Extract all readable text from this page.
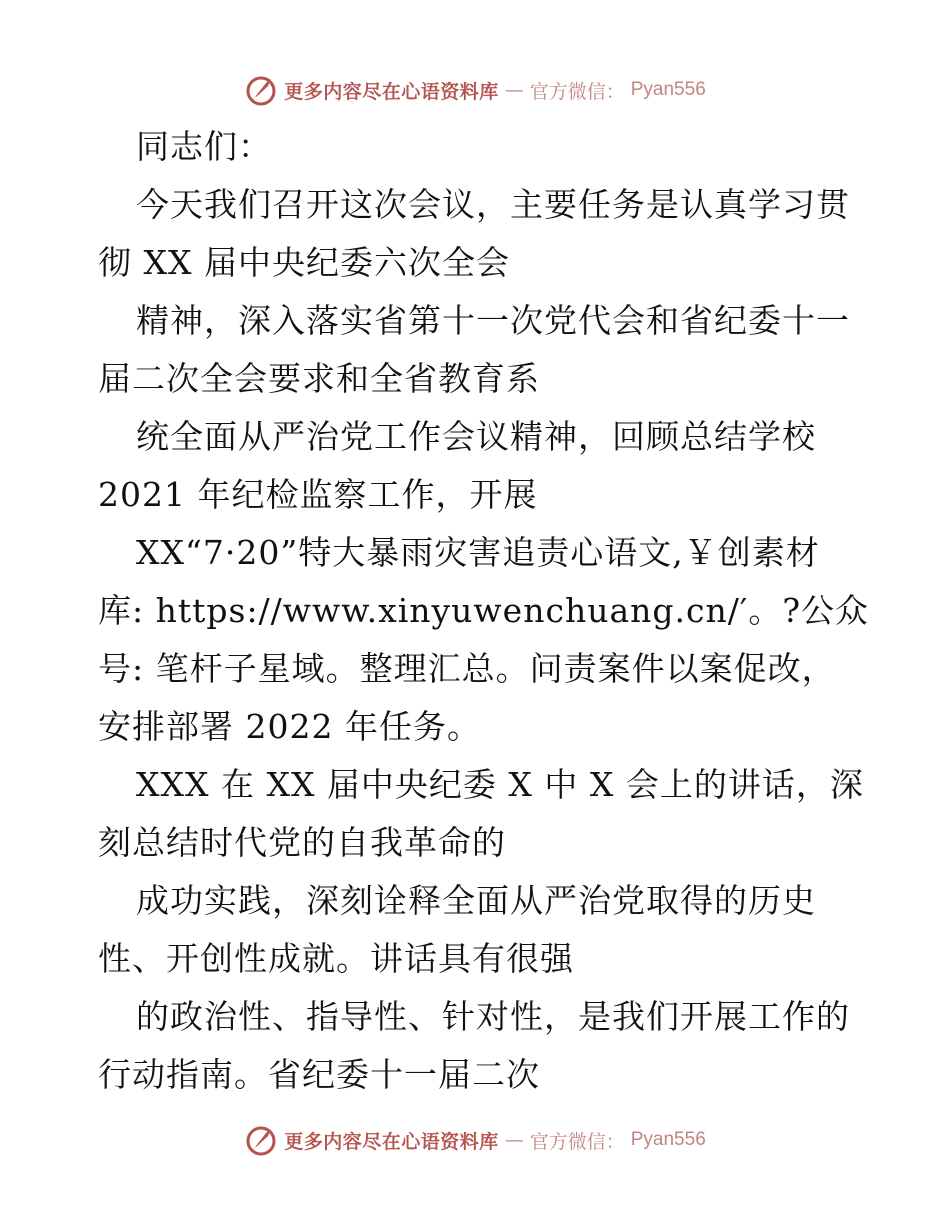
更多内容尽在心语资料库 — 官方微信： Pyan556
同志们：
今天我们召开这次会议，主要任务是认真学习贯
彻 XX 届中央纪委六次全会
精神，深入落实省第十一次党代会和省纪委十一
届二次全会要求和全省教育系
统全面从严治党工作会议精神，回顾总结学校
2021 年纪检监察工作，开展
XX“7·20”特大暴雨灾害追责心语文,￥创素材
库: https://www.xinyuwenchuang.cn/′。?公众
号: 笔杆子星域。整理汇总。问责案件以案促改，
安排部署 2022 年任务。
XXX 在 XX 届中央纪委 X 中 X 会上的讲话，深
刻总结时代党的自我革命的
成功实践，深刻诠释全面从严治党取得的历史
性、开创性成就。讲话具有很强
的政治性、指导性、针对性，是我们开展工作的
行动指南。省纪委十一届二次
更多内容尽在心语资料库 — 官方微信： Pyan556
